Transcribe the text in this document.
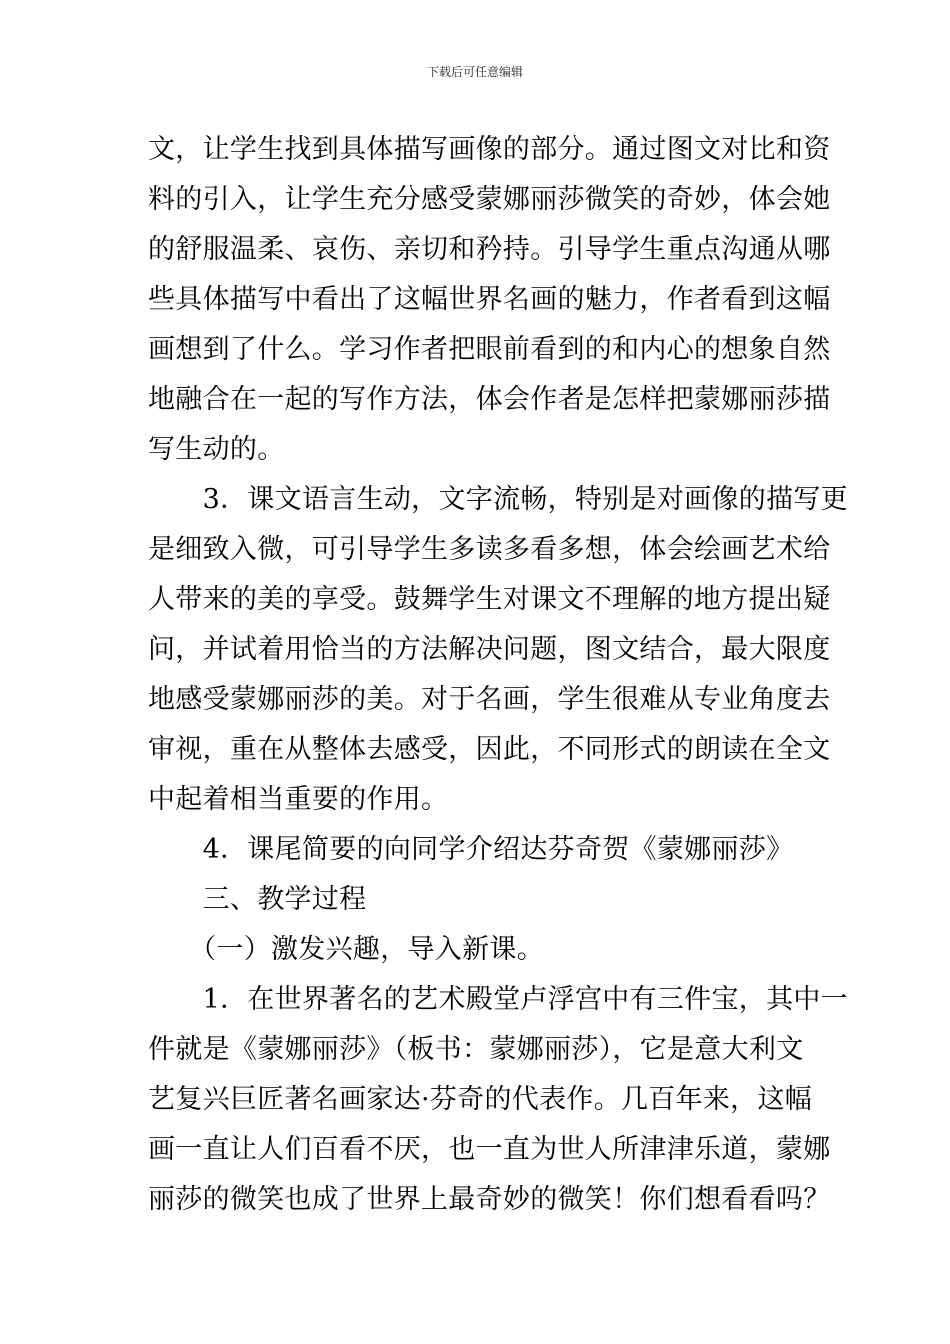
下载后可任意编辑
文，让学生找到具体描写画像的部分。通过图文对比和资
料的引入，让学生充分感受蒙娜丽莎微笑的奇妙，体会她
的舒服温柔、哀伤、亲切和矜持。引导学生重点沟通从哪
些具体描写中看出了这幅世界名画的魅力，作者看到这幅
画想到了什么。学习作者把眼前看到的和内心的想象自然
地融合在一起的写作方法，体会作者是怎样把蒙娜丽莎描
写生动的。
　　3．课文语言生动，文字流畅，特别是对画像的描写更
是细致入微，可引导学生多读多看多想，体会绘画艺术给
人带来的美的享受。鼓舞学生对课文不理解的地方提出疑
问，并试着用恰当的方法解决问题，图文结合，最大限度
地感受蒙娜丽莎的美。对于名画，学生很难从专业角度去
审视，重在从整体去感受，因此，不同形式的朗读在全文
中起着相当重要的作用。
　　4．课尾简要的向同学介绍达芬奇贺《蒙娜丽莎》
　　三、教学过程
　　（一）激发兴趣，导入新课。
　　1．在世界著名的艺术殿堂卢浮宫中有三件宝，其中一
件就是《蒙娜丽莎》（板书：蒙娜丽莎），它是意大利文
艺复兴巨匠著名画家达·芬奇的代表作。几百年来，这幅
画一直让人们百看不厌，也一直为世人所津津乐道，蒙娜
丽莎的微笑也成了世界上最奇妙的微笑！你们想看看吗？
